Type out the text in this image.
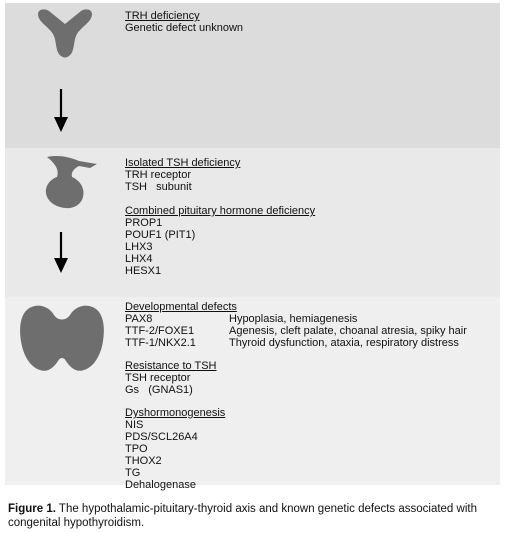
TRH deficiency
Genetic defect unknown
Isolated TSH deficiency
TRH receptor
TSH   subunit
Combined pituitary hormone deficiency
PROP1
POUF1 (PIT1)
LHX3
LHX4
HESX1
Developmental defects
PAX8	Hypoplasia, hemiagenesis
TTF-2/FOXE1	Agenesis, cleft palate, choanal atresia, spiky hair
TTF-1/NKX2.1	Thyroid dysfunction, ataxia, respiratory distress
Resistance to TSH
TSH receptor
Gs   (GNAS1)
Dyshormonogenesis
NIS
PDS/SCL26A4
TPO
THOX2
TG
Dehalogenase
Figure 1. The hypothalamic-pituitary-thyroid axis and known genetic defects associated with congenital hypothyroidism.
